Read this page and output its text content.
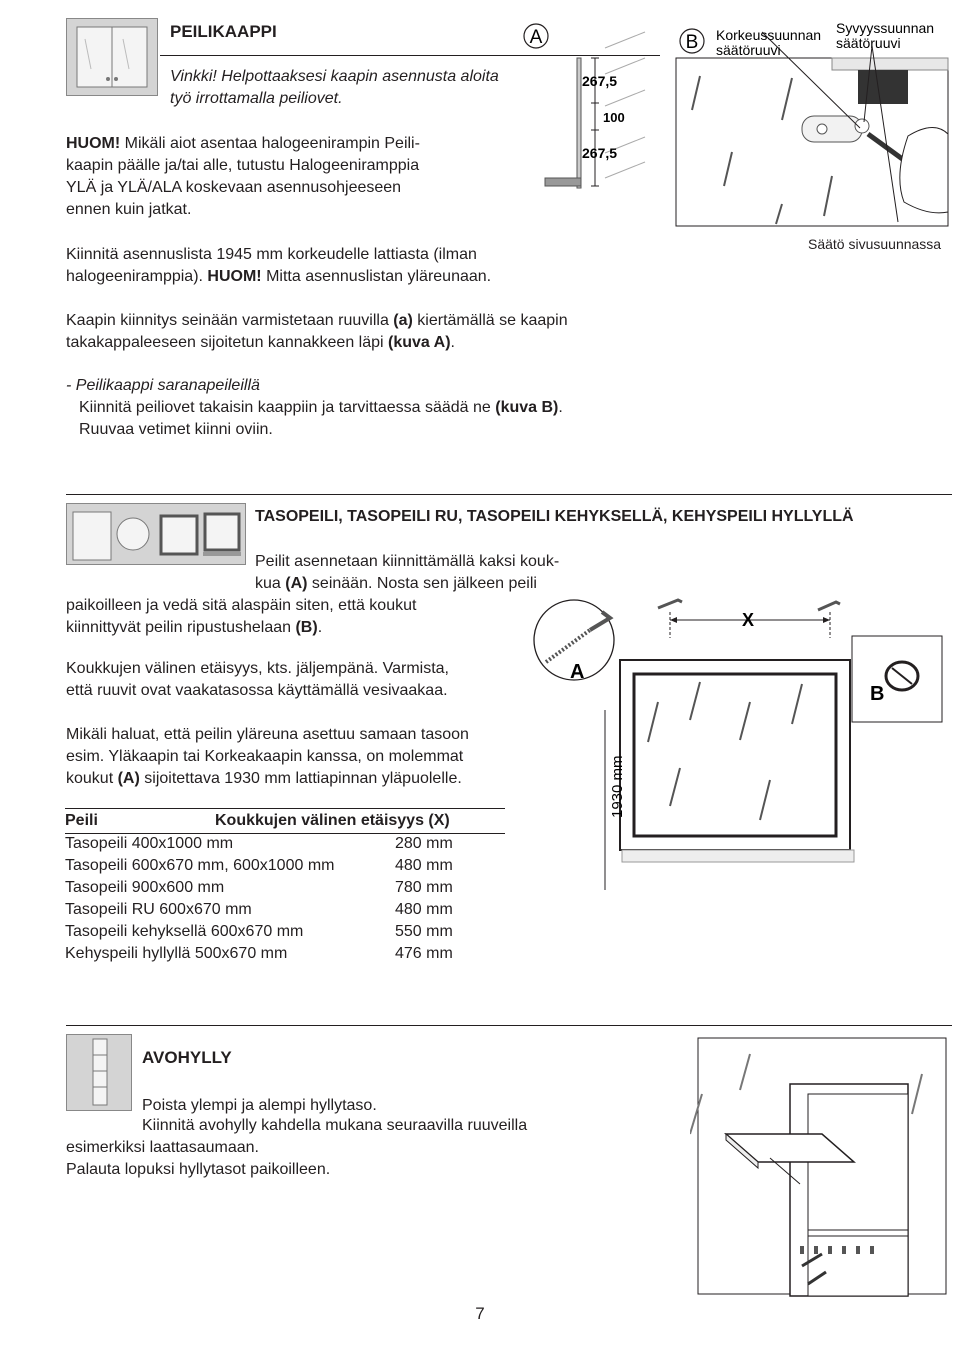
PEILIKAAPPI
Vinkki! Helpottaaksesi kaapin asennusta aloita työ irrottamalla peiliovet.
HUOM! Mikäli aiot asentaa halogeenirampin Peili-
kaapin päälle ja/tai alle, tutustu Halogeeniramppia
YLÄ ja YLÄ/ALA koskevaan asennusohjeeseen
ennen kuin jatkat.
Kiinnitä asennuslista 1945 mm korkeudelle lattiasta (ilman
halogeeniramppia). HUOM! Mitta asennuslistan yläreunaan.
Kaapin kiinnitys seinään varmistetaan ruuvilla (a) kiertämällä se kaapin
takakappaleeseen sijoitetun kannakkeen läpi (kuva A).
- Peilikaappi saranapeileillä
Kiinnitä peiliovet takaisin kaappiin ja tarvittaessa säädä ne (kuva B).
Ruuvaa vetimet kiinni oviin.
A
267,5
100
267,5
B Korkeussuunnan
säätöruuvi
Syvyyssuunnan
säätöruuvi
Säätö sivusuunnassa
TASOPEILI, TASOPEILI RU, TASOPEILI KEHYKSELLÄ, KEHYSPEILI HYLLYLLÄ
Peilit asennetaan kiinnittämällä kaksi kouk-
kua (A) seinään. Nosta sen jälkeen peili
paikoilleen ja vedä sitä alaspäin siten, että koukut
kiinnittyvät peilin ripustushelaan (B).
Koukkujen välinen etäisyys, kts. jäljempänä. Varmista,
että ruuvit ovat vaakatasossa käyttämällä vesivaakaa.
Mikäli haluat, että peilin yläreuna asettuu samaan tasoon
esim. Yläkaapin tai Korkeakaapin kanssa, on molemmat
koukut (A) sijoitettava 1930 mm lattiapinnan yläpuolelle.
Peili	Koukkujen välinen etäisyys (X)
Tasopeili 400x1000 mm	280 mm
Tasopeili 600x670 mm, 600x1000 mm	480 mm
Tasopeili 900x600 mm	780 mm
Tasopeili RU 600x670 mm	480 mm
Tasopeili kehyksellä 600x670 mm	550 mm
Kehyspeili hyllyllä 500x670 mm	476 mm
X
A
B
1930 mm
AVOHYLLY
Poista ylempi ja alempi hyllytaso.
Kiinnitä avohylly kahdella mukana seuraavilla ruuveilla
esimerkiksi laattasaumaan.
Palauta lopuksi hyllytasot paikoilleen.
7
